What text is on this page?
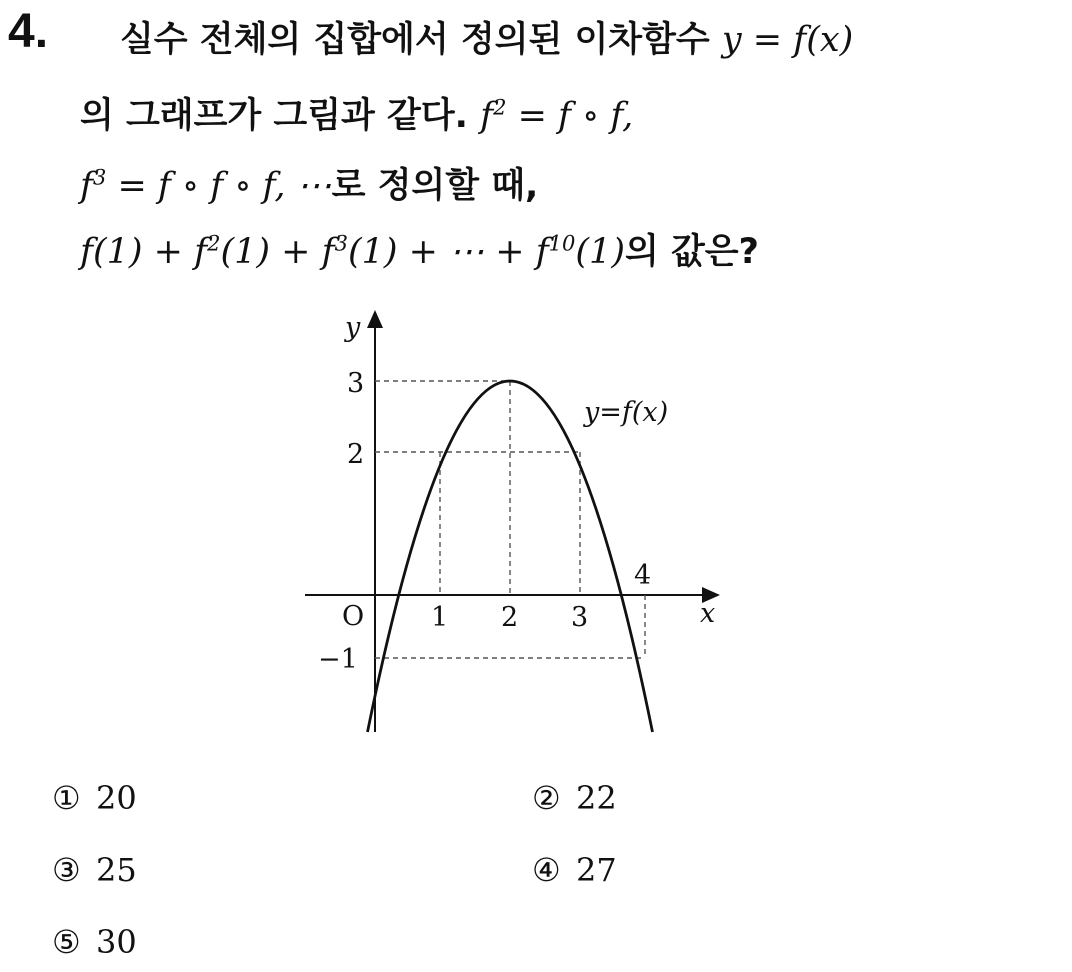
4. 실수 전체의 집합에서 정의된 이차함수 y = f(x)
의 그래프가 그림과 같다. $f^2 = f$ ∘ f,
$f^3 = f$ ∘ f ∘ f, ⋯로 정의할 때,
$f(1) + f^2(1) + f^3(1)$ + ⋯ + $f^{10}(1)$의 값은?
y
x
O
y=f(x)
1 2 3
4
3
2
−1
① 20	② 22
③ 25	④ 27
⑤ 30
